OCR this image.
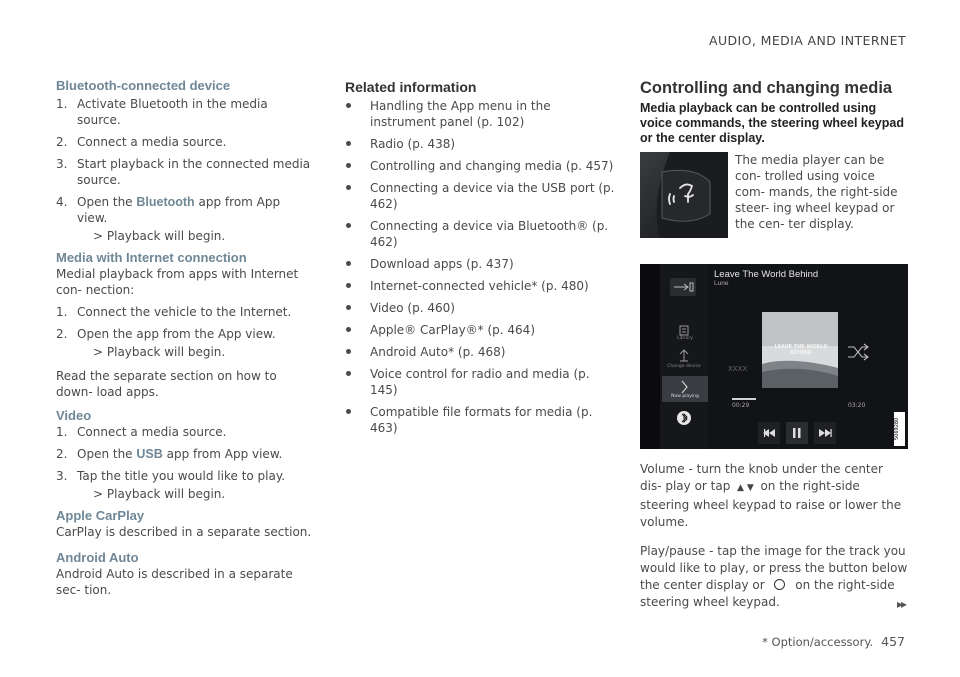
AUDIO, MEDIA AND INTERNET
Bluetooth-connected device
1. Activate Bluetooth in the media source.
2. Connect a media source.
3. Start playback in the connected media source.
4. Open the Bluetooth app from App view.
> Playback will begin.
Media with Internet connection
Medial playback from apps with Internet con- nection:
1. Connect the vehicle to the Internet.
2. Open the app from the App view.
> Playback will begin.
Read the separate section on how to down- load apps.
Video
1. Connect a media source.
2. Open the USB app from App view.
3. Tap the title you would like to play.
> Playback will begin.
Apple CarPlay
CarPlay is described in a separate section.
Android Auto
Android Auto is described in a separate sec- tion.
Related information
Handling the App menu in the instrument panel (p. 102)
Radio (p. 438)
Controlling and changing media (p. 457)
Connecting a device via the USB port (p. 462)
Connecting a device via Bluetooth® (p. 462)
Download apps (p. 437)
Internet-connected vehicle* (p. 480)
Video (p. 460)
Apple® CarPlay®* (p. 464)
Android Auto* (p. 468)
Voice control for radio and media (p. 145)
Compatible file formats for media (p. 463)
Controlling and changing media
Media playback can be controlled using voice commands, the steering wheel keypad or the center display.
The media player can be con- trolled using voice com- mands, the right-side steer- ing wheel keypad or the cen- ter display.
Leave The World Behind
Lune
Library
Change device
Now playing
LEAVE THE WORLD BEHIND
XXXX
00:29	03:20
5069280
Volume - turn the knob under the center dis- play or tap  ▲ ▼  on the right-side steering wheel keypad to raise or lower the volume.
Play/pause - tap the image for the track you would like to play, or press the button below the center display or	on the right-side steering wheel keypad.	▸▸
* Option/accessory. 457
